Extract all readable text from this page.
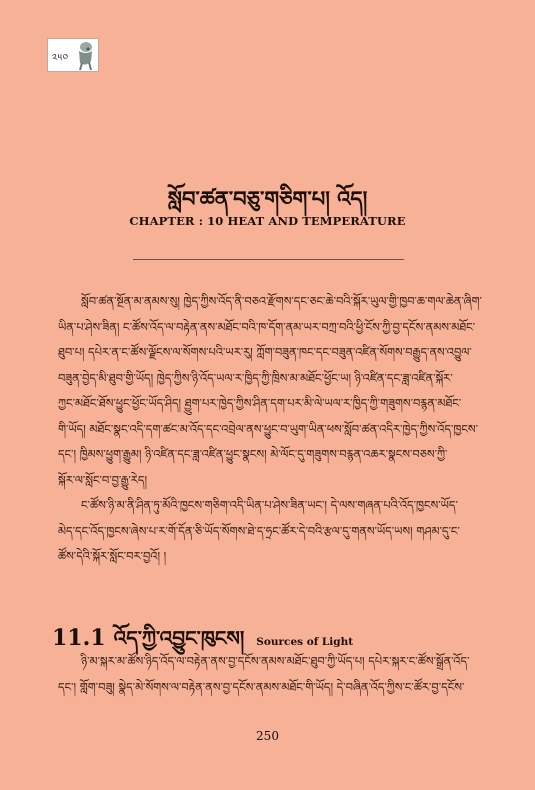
༢༥༠
སློབ་ཚན་བཅུ་གཅིག་པ། འོད།
CHAPTER : 10 HEAT AND TEMPERATURE
སློབ་ཚན་སྔོན་མ་ནམས་སུ། ཁྱེད་ཀྱིས་འོད་ནི་བཅའ་རྫོགས་དང་ཅང་ཆེ་བའི་སྐོར་ཡུལ་གྱི་ཁྱབ་ཆ་གལ་ཆེན་ཞིག་
ཡིན་པ་ཤེས་ཟིན། ང་ཚོས་འོད་ལ་བརྟེན་ནས་མཐོང་བའི་ཁ་དོག་ནམ་ཡར་བཀྲ་བའི་ཕྱི་ངོས་ཀྱི་བྱ་དངོས་ནམས་མཐོང་
ཐུབ་པ། དཔེར་ན་ང་ཚོས་ལྗོངས་ལ་སོགས་པའི་ཡར་རུ། ཀློག་བཟུན་ཁང་དང་བཟུན་འཛིན་སོགས་བརྒྱུད་ནས་འབྱུལ་
བཟུན་བྱེད་མི་ཐུབ་གྱི་ཡོད། ཁྱེད་ཀྱིས་ཉི་འོད་ཡལ་ར་ཁྱིད་ཀྱི་ཁྲིས་མ་མཐོང་ཕྱོང་ཡ། ཉི་འཛིན་དང་ཟླ་འཛིན་སྐོར་
ཀྱང་མཐོང་ཐོས་ཕྱུང་ཕྱོང་ཡོད་ཤིད། ཐྱུག་པར་ཁྱེད་ཀྱིས་ཤིན་དག་པར་མི་ལེ་ཡལ་ར་ཁྱིད་ཀྱི་གཟུགས་བརྙན་མཐོང་
གི་ཡོད། མཐོང་སྣང་འདི་དག་ཚང་མ་འོད་དང་འབྲེལ་ནས་ཕྱུང་བ་ཡུག་ཡིན་ཕས་སློབ་ཚན་འདིར་ཁྱེད་ཀྱིས་འོད་ཁྱངས་
དང་། ཁྱིམས་ཕྱུག་རྒྱུམ། ཉི་འཛིན་དང་ཟླ་འཛིན་ཕྱུང་སྣངས། མེ་ལོང་དུ་གཟུགས་བརྙན་འཆར་སྣངས་བཅས་ཀྱི་
སྐོར་ལ་སློང་བ་བྱ་རྒྱུ་རེད།
ང་ཚོས་ཉི་མ་ནི་ཤིན་ཏུ་མོའི་ཁྱངས་གཅིག་འདི་ཡིན་པ་ཤེས་ཟིན་ཡང་། དེ་ལས་གཞན་པའི་འོད་ཁྱངས་ཡོད་
མེད་དང་འོད་ཁྱངས་ཞེས་པ་ར་གོ་དོན་ཅི་ཡོད་སོགས་ཐེ་ད་ཧྲང་ཚོར་དེ་བའི་རྩལ་དུ་གནས་ཡོད་ཡས། གཤམ་དུ་ང་
ཚོས་དེའི་སྐོར་སློང་བར་བྱའོ། །
11.1 འོད་ཀྱི་འབྱུང་ཁུངས། Sources of Light
ཉི་མ་སྐར་མ་ཚོས་ཉིད་འོད་ལ་བརྟེན་ནས་བྱ་དངོས་ནམས་མཐོང་ཐུབ་ཀྱི་ཡོད་པ། དཔེར་སྐར་ང་ཚོས་སྒྲོན་འོད་
དང་། གློག་བཟུ། སྣེད་མེ་སོགས་ལ་བརྟེན་ནས་བྱ་དངོས་ནམས་མཐོང་གི་ཡོད། དེ་བཞིན་འོད་ཀྱིས་ང་ཚོར་བྱ་དངོས་
250
